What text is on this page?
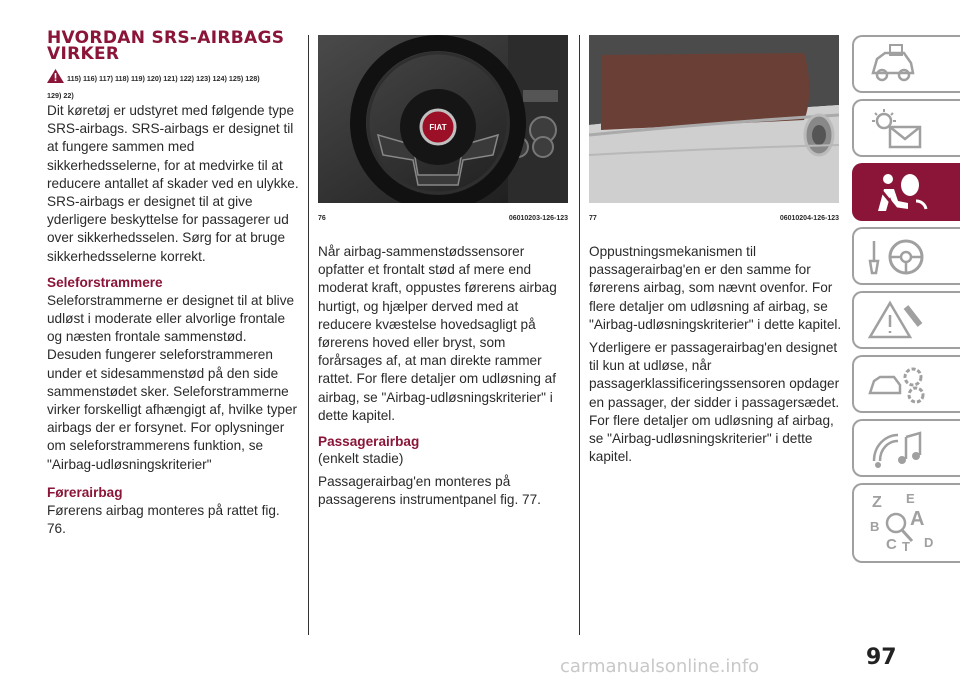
HVORDAN SRS-AIRBAGS
VIRKER
115) 116) 117) 118) 119) 120) 121) 122) 123) 124) 125) 128)
129) 22)

Dit køretøj er udstyret med følgende type SRS-airbags. SRS-airbags er designet til at fungere sammen med sikkerhedsselerne, for at medvirke til at reducere antallet af skader ved en ulykke. SRS-airbags er designet til at give yderligere beskyttelse for passagerer ud over sikkerhedsselen. Sørg for at bruge sikkerhedsselerne korrekt.

Seleforstrammere

Seleforstrammerne er designet til at blive udløst i moderate eller alvorlige frontale og næsten frontale sammenstød. Desuden fungerer seleforstrammeren under et sidesammenstød på den side sammenstødet sker. Seleforstrammerne virker forskelligt afhængigt af, hvilke typer airbags der er forsynet. For oplysninger om seleforstrammerens funktion, se "Airbag-udløsningskriterier"

Førerairbag

Førerens airbag monteres på rattet fig. 76.

FIAT
76	06010203-126-123

Når airbag-sammenstødssensorer opfatter et frontalt stød af mere end moderat kraft, oppustes førerens airbag hurtigt, og hjælper derved med at reducere kvæstelse hovedsagligt på førerens hoved eller bryst, som forårsages af, at man direkte rammer rattet. For flere detaljer om udløsning af airbag, se "Airbag-udløsningskriterier" i dette kapitel.

Passagerairbag

(enkelt stadie)

Passagerairbag'en monteres på passagerens instrumentpanel fig. 77.

77	06010204-126-123

Oppustningsmekanismen til passagerairbag'en er den samme for førerens airbag, som nævnt ovenfor. For flere detaljer om udløsning af airbag, se "Airbag-udløsningskriterier" i dette kapitel.

Yderligere er passagerairbag'en designet til kun at udløse, når passagerklassificeringssensoren opdager en passager, der sidder i passagersædet. For flere detaljer om udløsning af airbag, se "Airbag-udløsningskriterier" i dette kapitel.

Z E
A
B
C T D
97
carmanualsonline.info
